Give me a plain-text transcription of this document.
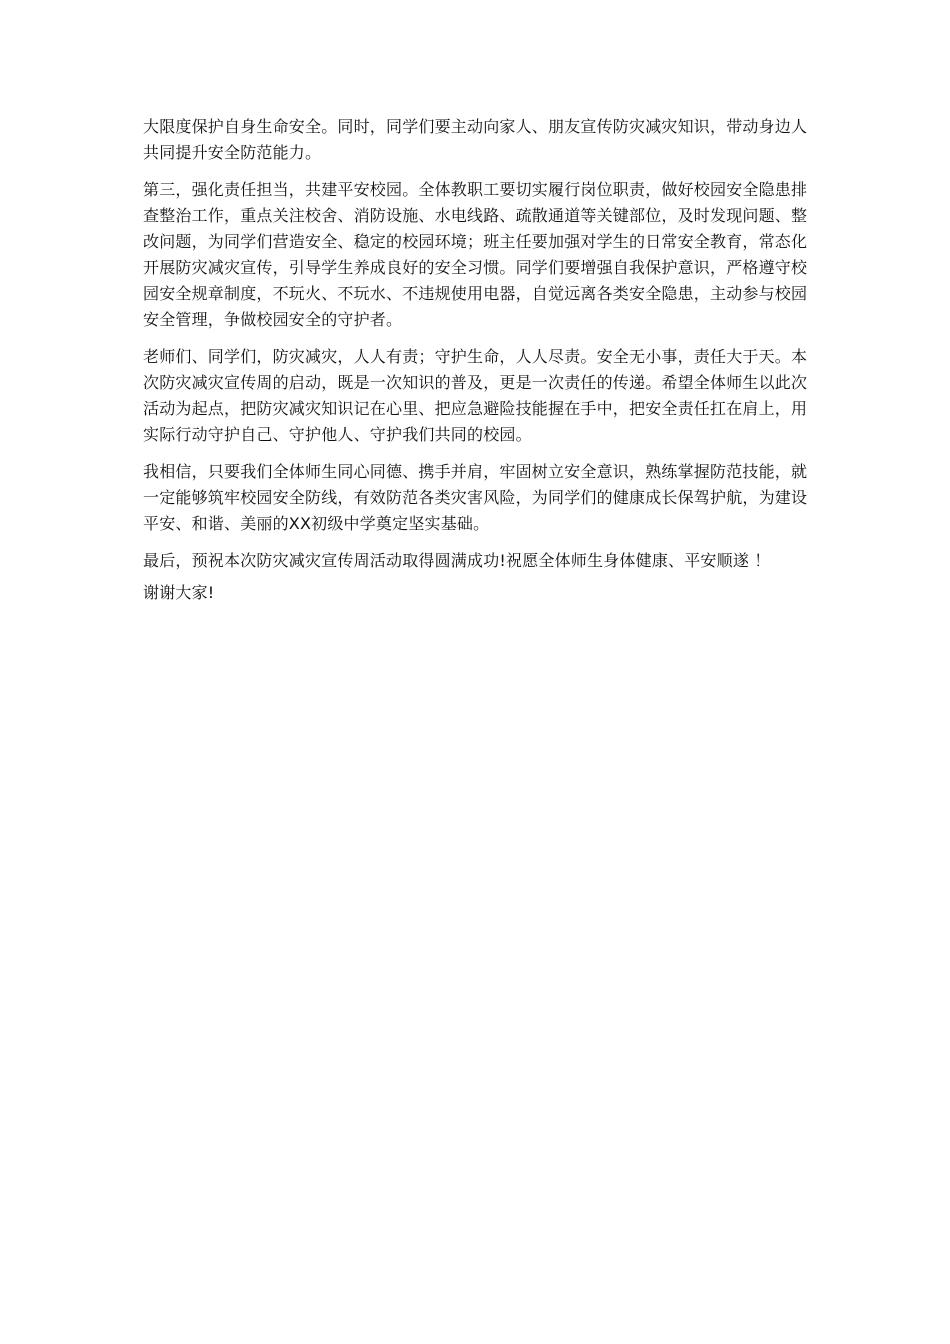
大限度保护自身生命安全。同时，同学们要主动向家人、朋友宣传防灾减灾知识，带动身边人共同提升安全防范能力。

第三，强化责任担当，共建平安校园。全体教职工要切实履行岗位职责，做好校园安全隐患排查整治工作，重点关注校舍、消防设施、水电线路、疏散通道等关键部位，及时发现问题、整改问题，为同学们营造安全、稳定的校园环境；班主任要加强对学生的日常安全教育，常态化开展防灾减灾宣传，引导学生养成良好的安全习惯。同学们要增强自我保护意识，严格遵守校园安全规章制度，不玩火、不玩水、不违规使用电器，自觉远离各类安全隐患，主动参与校园安全管理，争做校园安全的守护者。

老师们、同学们，防灾减灾，人人有责；守护生命，人人尽责。安全无小事，责任大于天。本次防灾减灾宣传周的启动，既是一次知识的普及，更是一次责任的传递。希望全体师生以此次活动为起点，把防灾减灾知识记在心里、把应急避险技能握在手中，把安全责任扛在肩上，用实际行动守护自己、守护他人、守护我们共同的校园。

我相信，只要我们全体师生同心同德、携手并肩，牢固树立安全意识，熟练掌握防范技能，就一定能够筑牢校园安全防线，有效防范各类灾害风险，为同学们的健康成长保驾护航，为建设平安、和谐、美丽的XX初级中学奠定坚实基础。

最后，预祝本次防灾减灾宣传周活动取得圆满成功!祝愿全体师生身体健康、平安顺遂 ！

谢谢大家!
